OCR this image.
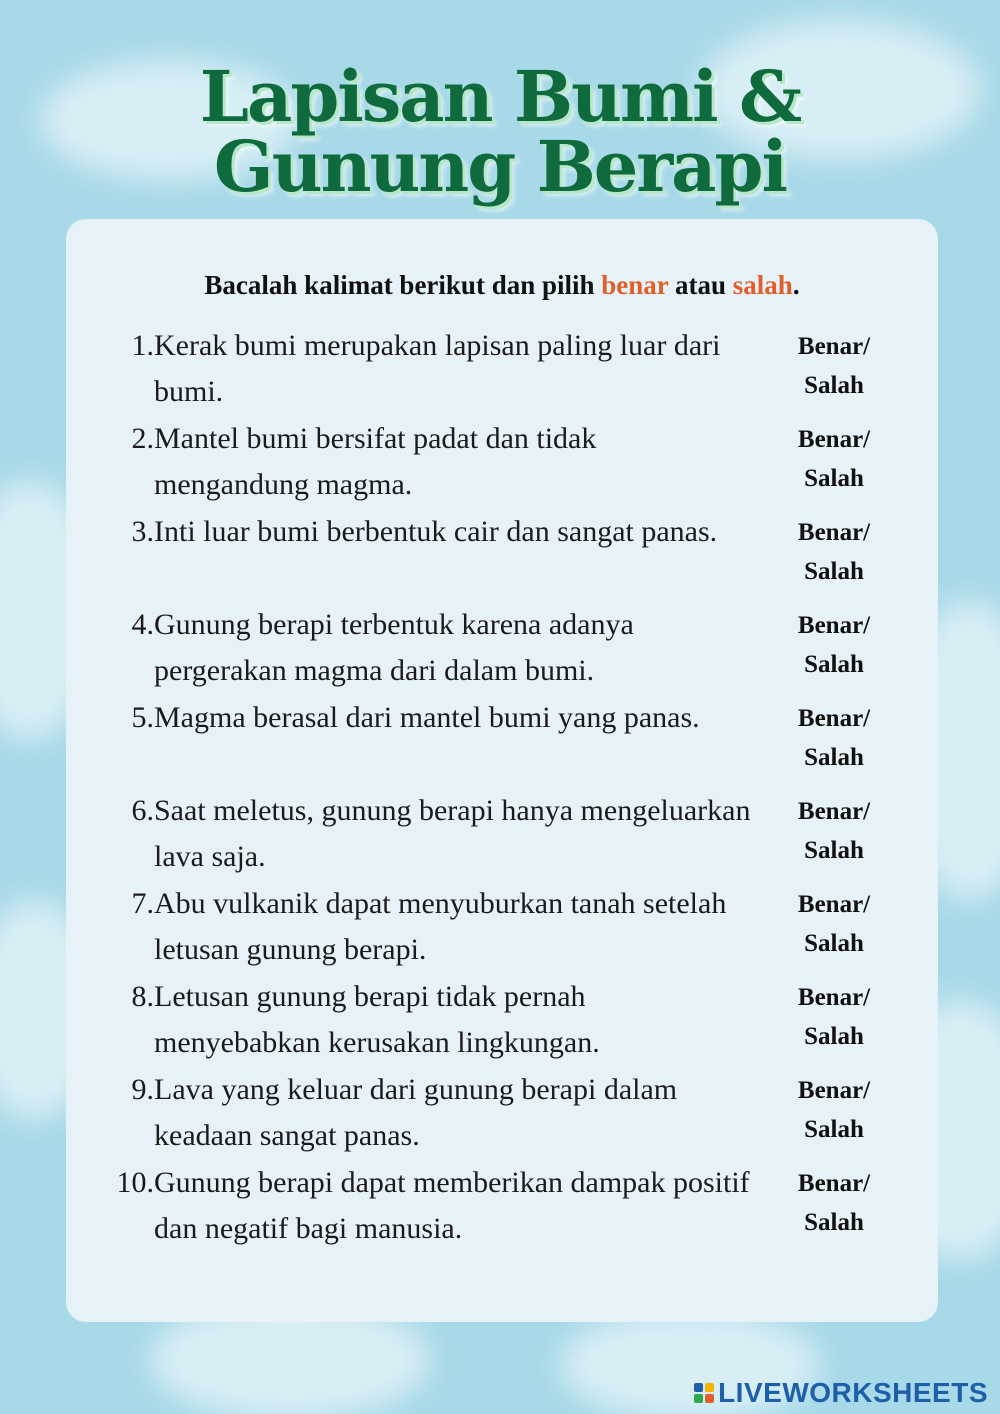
Lapisan Bumi &
Gunung Berapi
Bacalah kalimat berikut dan pilih benar atau salah.
1. Kerak bumi merupakan lapisan paling luar dari bumi.
Benar/
Salah
2. Mantel bumi bersifat padat dan tidak mengandung magma.
Benar/
Salah
3. Inti luar bumi berbentuk cair dan sangat panas.	Benar/
Salah
4. Gunung berapi terbentuk karena adanya pergerakan magma dari dalam bumi.
Benar/
Salah
5. Magma berasal dari mantel bumi yang panas.	Benar/
Salah
6. Saat meletus, gunung berapi hanya mengeluarkan lava saja.
Benar/
Salah
7. Abu vulkanik dapat menyuburkan tanah setelah letusan gunung berapi.
Benar/
Salah
8. Letusan gunung berapi tidak pernah menyebabkan kerusakan lingkungan.
Benar/
Salah
9. Lava yang keluar dari gunung berapi dalam keadaan sangat panas.
Benar/
Salah
10. Gunung berapi dapat memberikan dampak positif dan negatif bagi manusia.
Benar/
Salah
LIVEWORKSHEETS
